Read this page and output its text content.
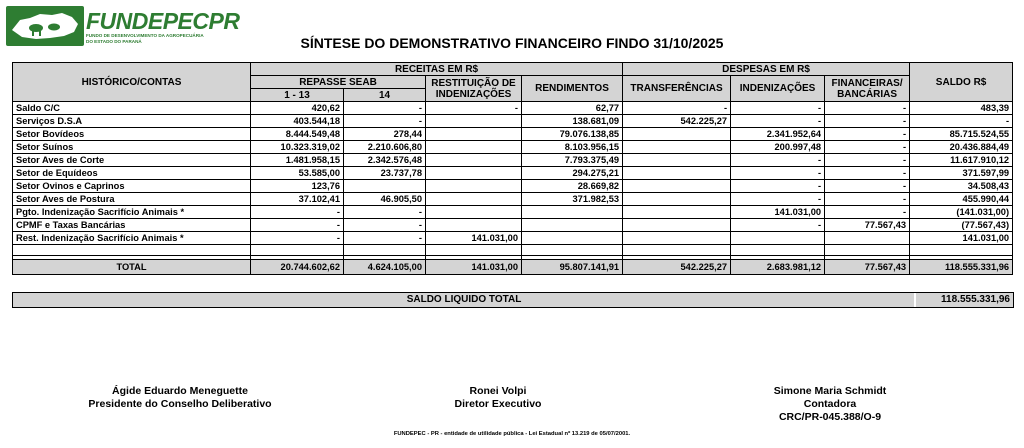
FUNDEPECPR
FUNDO DE DESENVOLVIMENTO DA AGROPECUÁRIA DO ESTADO DO PARANÁ	SÍNTESE DO DEMONSTRATIVO FINANCEIRO FINDO 31/10/2025
HISTÓRICO/CONTAS	RECEITAS EM R$				DESPESAS EM R$			SALDO R$
	REPASSE SEAB		RESTITUIÇÃO DE INDENIZAÇÕES	RENDIMENTOS	TRANSFERÊNCIAS	INDENIZAÇÕES	FINANCEIRAS/ BANCÁRIAS	
	1 - 13	14						
Saldo C/C	420,62	-	-	62,77	-	-	-	483,39
Serviços D.S.A	403.544,18	-		138.681,09	542.225,27	-	-	-
Setor Bovídeos	8.444.549,48	278,44		79.076.138,85		2.341.952,64	-	85.715.524,55
Setor Suínos	10.323.319,02	2.210.606,80		8.103.956,15		200.997,48	-	20.436.884,49
Setor Aves de Corte	1.481.958,15	2.342.576,48		7.793.375,49		-	-	11.617.910,12
Setor de Equídeos	53.585,00	23.737,78		294.275,21		-	-	371.597,99
Setor Ovinos e Caprinos	123,76			28.669,82		-	-	34.508,43
Setor Aves de Postura	37.102,41	46.905,50		371.982,53		-	-	455.990,44
Pgto. Indenização Sacrifício Animais *	-	-				141.031,00	-	(141.031,00)
CPMF e Taxas Bancárias	-	-				-	77.567,43	(77.567,43)
Rest. Indenização Sacrifício Animais *	-	-	141.031,00					141.031,00

TOTAL	20.744.602,62	4.624.105,00	141.031,00	95.807.141,91	542.225,27	2.683.981,12	77.567,43	118.555.331,96
SALDO LIQUIDO TOTAL	118.555.331,96
Ágide Eduardo Meneguette
Presidente do Conselho Deliberativo
Ronei Volpi
Diretor Executivo
Simone Maria Schmidt
Contadora
CRC/PR-045.388/O-9
FUNDEPEC - PR - entidade de utilidade pública - Lei Estadual nº 13.219 de 05/07/2001.
